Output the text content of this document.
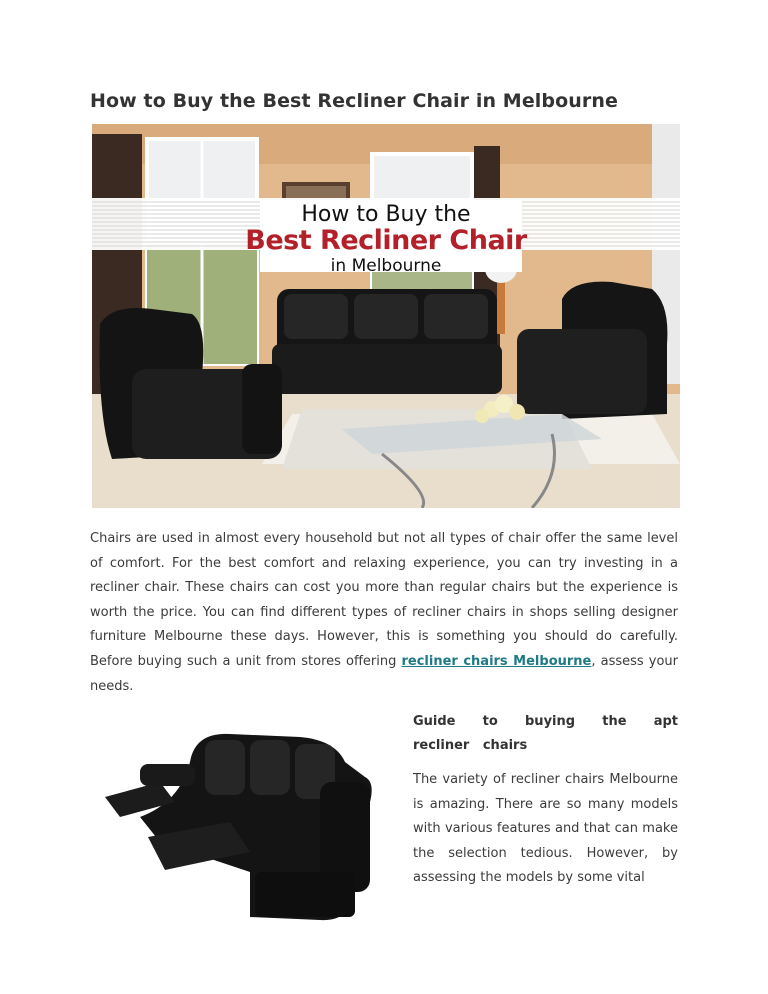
How to Buy the Best Recliner Chair in Melbourne
How to Buy the
Best Recliner Chair
in Melbourne

Chairs are used in almost every household but not all types of chair offer the same level of comfort. For the best comfort and relaxing experience, you can try investing in a recliner chair. These chairs can cost you more than regular chairs but the experience is worth the price. You can find different types of recliner chairs in shops selling designer furniture Melbourne these days. However, this is something you should do carefully. Before buying such a unit from stores offering recliner chairs Melbourne, assess your needs.

Guide to buying the apt recliner chairs

The variety of recliner chairs Melbourne is amazing. There are so many models with various features and that can make the selection tedious. However, by assessing the models by some vital
